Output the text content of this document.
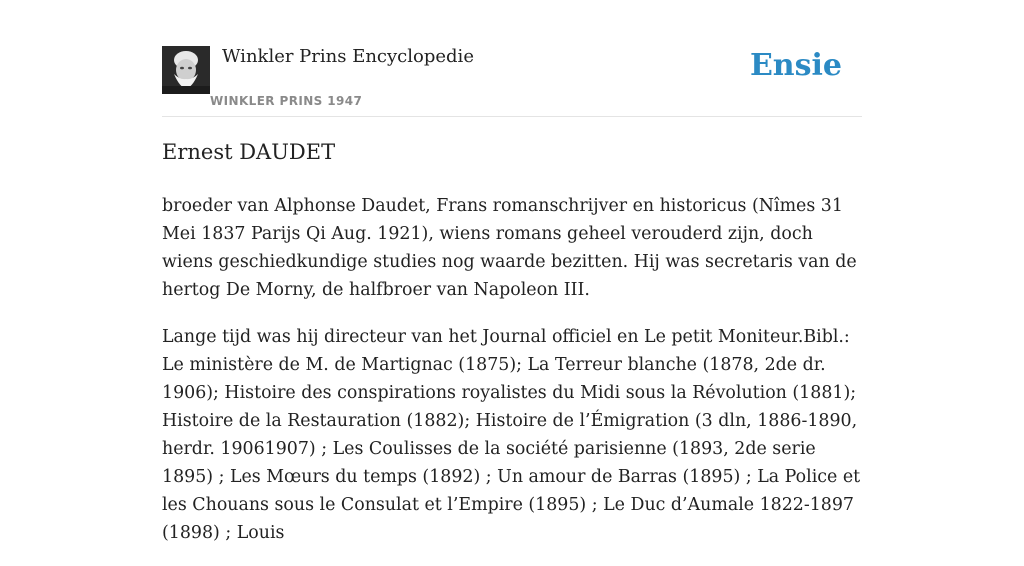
Winkler Prins Encyclopedie
WINKLER PRINS 1947
Ensie
Ernest DAUDET

broeder van Alphonse Daudet, Frans romanschrijver en historicus (Nîmes 31 Mei 1837 Parijs Qi Aug. 1921), wiens romans geheel verouderd zijn, doch wiens geschiedkundige studies nog waarde bezitten. Hij was secretaris van de hertog De Morny, de halfbroer van Napoleon III.

Lange tijd was hij directeur van het Journal officiel en Le petit Moniteur.Bibl.: Le ministère de M. de Martignac (1875); La Terreur blanche (1878, 2de dr. 1906); Histoire des conspirations royalistes du Midi sous la Révolution (1881); Histoire de la Restauration (1882); Histoire de l’Émigration (3 dln, 1886-1890, herdr. 19061907) ; Les Coulisses de la société parisienne (1893, 2de serie 1895) ; Les Mœurs du temps (1892) ; Un amour de Barras (1895) ; La Police et les Chouans sous le Consulat et l’Empire (1895) ; Le Duc d’Aumale 1822-1897 (1898) ; Louis
